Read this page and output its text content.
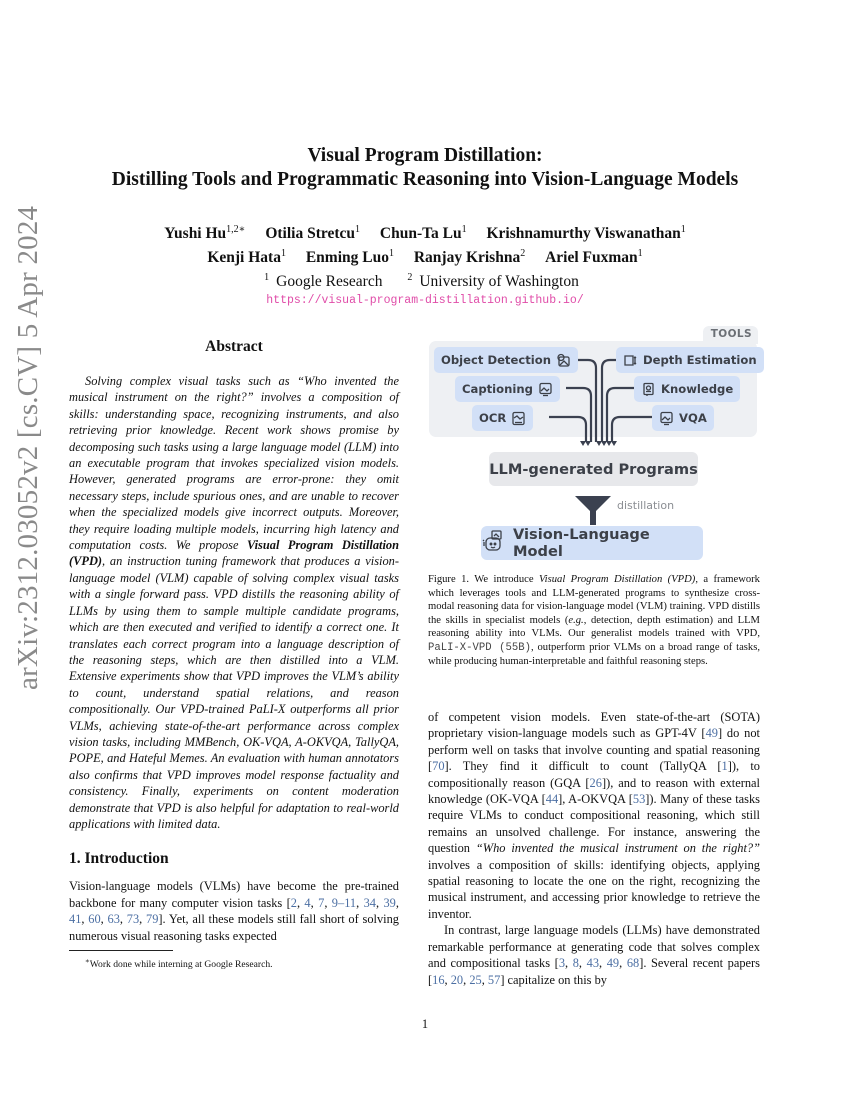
arXiv:2312.03052v2 [cs.CV] 5 Apr 2024
Visual Program Distillation:
Distilling Tools and Programmatic Reasoning into Vision-Language Models
Yushi $Hu^{1,2∗}$ Otilia Stretcu$^1$ Chun-Ta Lu$^1$ Krishnamurthy Viswanathan$^1$
Kenji Hata$^1$ Enming Luo$^1$ Ranjay Krishna$^2$ Ariel Fuxman$^1$
$^1$ Google Research $^2$ University of Washington
https://visual-program-distillation.github.io/
Abstract
Solving complex visual tasks such as “Who invented the musical instrument on the right?” involves a composition of skills: understanding space, recognizing instruments, and also retrieving prior knowledge. Recent work shows promise by decomposing such tasks using a large language model (LLM) into an executable program that invokes specialized vision models. However, generated programs are error-prone: they omit necessary steps, include spurious ones, and are unable to recover when the specialized models give incorrect outputs. Moreover, they require loading multiple models, incurring high latency and computation costs. We propose Visual Program Distillation (VPD), an instruction tuning framework that produces a vision-language model (VLM) capable of solving complex visual tasks with a single forward pass. VPD distills the reasoning ability of LLMs by using them to sample multiple candidate programs, which are then executed and verified to identify a correct one. It translates each correct program into a language description of the reasoning steps, which are then distilled into a VLM. Extensive experiments show that VPD improves the VLM’s ability to count, understand spatial relations, and reason compositionally. Our VPD-trained PaLI-X outperforms all prior VLMs, achieving state-of-the-art performance across complex vision tasks, including MMBench, OK-VQA, A-OKVQA, TallyQA, POPE, and Hateful Memes. An evaluation with human annotators also confirms that VPD improves model response factuality and consistency. Finally, experiments on content moderation demonstrate that VPD is also helpful for adaptation to real-world applications with limited data.
1. Introduction
Vision-language models (VLMs) have become the pre-trained backbone for many computer vision tasks [2, 4, 7, 9–11, 34, 39, 41, 60, 63, 73, 79]. Yet, all these models still fall short of solving numerous visual reasoning tasks expected
∗Work done while interning at Google Research.
TOOLS
Object Detection
Captioning
OCR
Depth Estimation
Knowledge
VQA
LLM-generated Programs
distillation
Vision-Language Model
Figure 1. We introduce Visual Program Distillation (VPD), a framework which leverages tools and LLM-generated programs to synthesize cross-modal reasoning data for vision-language model (VLM) training. VPD distills the skills in specialist models (e.g., detection, depth estimation) and LLM reasoning ability into VLMs. Our generalist models trained with VPD, PaLI-X-VPD (55B), outperform prior VLMs on a broad range of tasks, while producing human-interpretable and faithful reasoning steps.
of competent vision models. Even state-of-the-art (SOTA) proprietary vision-language models such as GPT-4V [49] do not perform well on tasks that involve counting and spatial reasoning [70]. They find it difficult to count (TallyQA [1]), to compositionally reason (GQA [26]), and to reason with external knowledge (OK-VQA [44], A-OKVQA [53]). Many of these tasks require VLMs to conduct compositional reasoning, which still remains an unsolved challenge. For instance, answering the question “Who invented the musical instrument on the right?” involves a composition of skills: identifying objects, applying spatial reasoning to locate the one on the right, recognizing the musical instrument, and accessing prior knowledge to retrieve the inventor.
In contrast, large language models (LLMs) have demonstrated remarkable performance at generating code that solves complex and compositional tasks [3, 8, 43, 49, 68]. Several recent papers [16, 20, 25, 57] capitalize on this by
1
